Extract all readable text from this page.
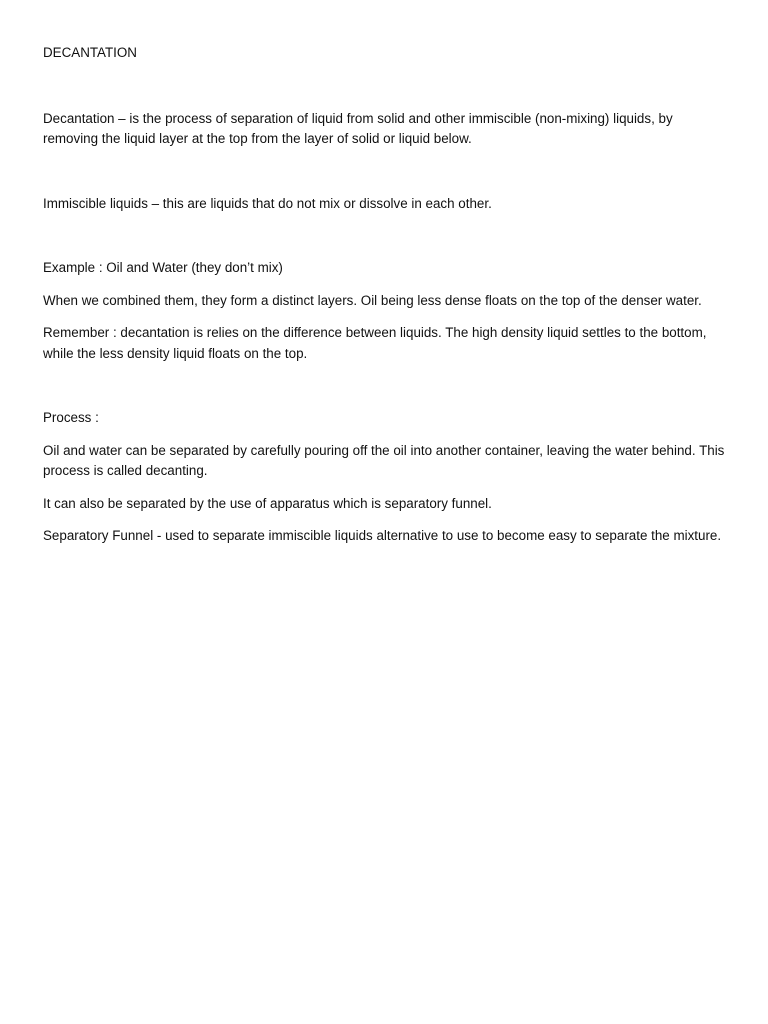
DECANTATION

Decantation – is the process of separation of liquid from solid and other immiscible (non-mixing) liquids, by removing the liquid layer at the top from the layer of solid or liquid below.

Immiscible liquids – this are liquids that do not mix or dissolve in each other.

Example : Oil and Water (they don’t mix)

When we combined them, they form a distinct layers. Oil being less dense floats on the top of the denser water.

Remember : decantation is relies on the difference between liquids. The high density liquid settles to the bottom, while the less density liquid floats on the top.

Process :

Oil and water can be separated by carefully pouring off the oil into another container, leaving the water behind. This process is called decanting.

It can also be separated by the use of apparatus which is separatory funnel.

Separatory Funnel - used to separate immiscible liquids alternative to use to become easy to separate the mixture.
